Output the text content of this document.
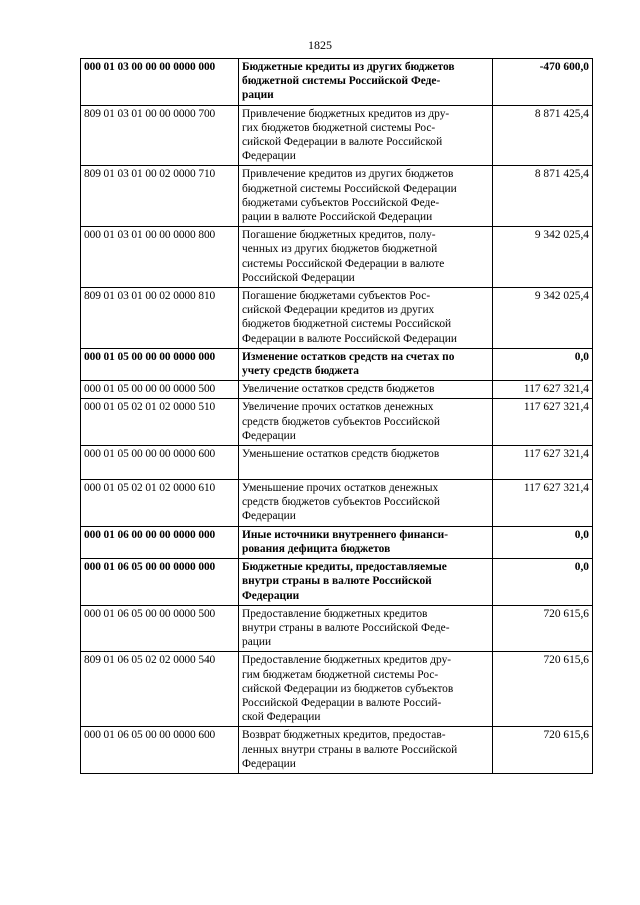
1825
000 01 03 00 00 00 0000 000	Бюджетные кредиты из других бюджетов
бюджетной системы Российской Феде-
рации	-470 600,0
809 01 03 01 00 00 0000 700	Привлечение бюджетных кредитов из дру-
гих бюджетов бюджетной системы Рос-
сийской Федерации в валюте Российской
Федерации	8 871 425,4
809 01 03 01 00 02 0000 710	Привлечение кредитов из других бюджетов
бюджетной системы Российской Федерации
бюджетами субъектов Российской Феде-
рации в валюте Российской Федерации	8 871 425,4
000 01 03 01 00 00 0000 800	Погашение бюджетных кредитов, полу-
ченных из других бюджетов бюджетной
системы Российской Федерации в валюте
Российской Федерации	9 342 025,4
809 01 03 01 00 02 0000 810	Погашение бюджетами субъектов Рос-
сийской Федерации кредитов из других
бюджетов бюджетной системы Российской
Федерации в валюте Российской Федерации	9 342 025,4
000 01 05 00 00 00 0000 000	Изменение остатков средств на счетах по
учету средств бюджета	0,0
000 01 05 00 00 00 0000 500	Увеличение остатков средств бюджетов	117 627 321,4
000 01 05 02 01 02 0000 510	Увеличение прочих остатков денежных
средств бюджетов субъектов Российской
Федерации	117 627 321,4
000 01 05 00 00 00 0000 600	Уменьшение остатков средств бюджетов	117 627 321,4
000 01 05 02 01 02 0000 610	Уменьшение прочих остатков денежных
средств бюджетов субъектов Российской
Федерации	117 627 321,4
000 01 06 00 00 00 0000 000	Иные источники внутреннего финанси-
рования дефицита бюджетов	0,0
000 01 06 05 00 00 0000 000	Бюджетные кредиты, предоставляемые
внутри страны в валюте Российской
Федерации	0,0
000 01 06 05 00 00 0000 500	Предоставление бюджетных кредитов
внутри страны в валюте Российской Феде-
рации	720 615,6
809 01 06 05 02 02 0000 540	Предоставление бюджетных кредитов дру-
гим бюджетам бюджетной системы Рос-
сийской Федерации из бюджетов субъектов
Российской Федерации в валюте Россий-
ской Федерации	720 615,6
000 01 06 05 00 00 0000 600	Возврат бюджетных кредитов, предостав-
ленных внутри страны в валюте Российской
Федерации	720 615,6
